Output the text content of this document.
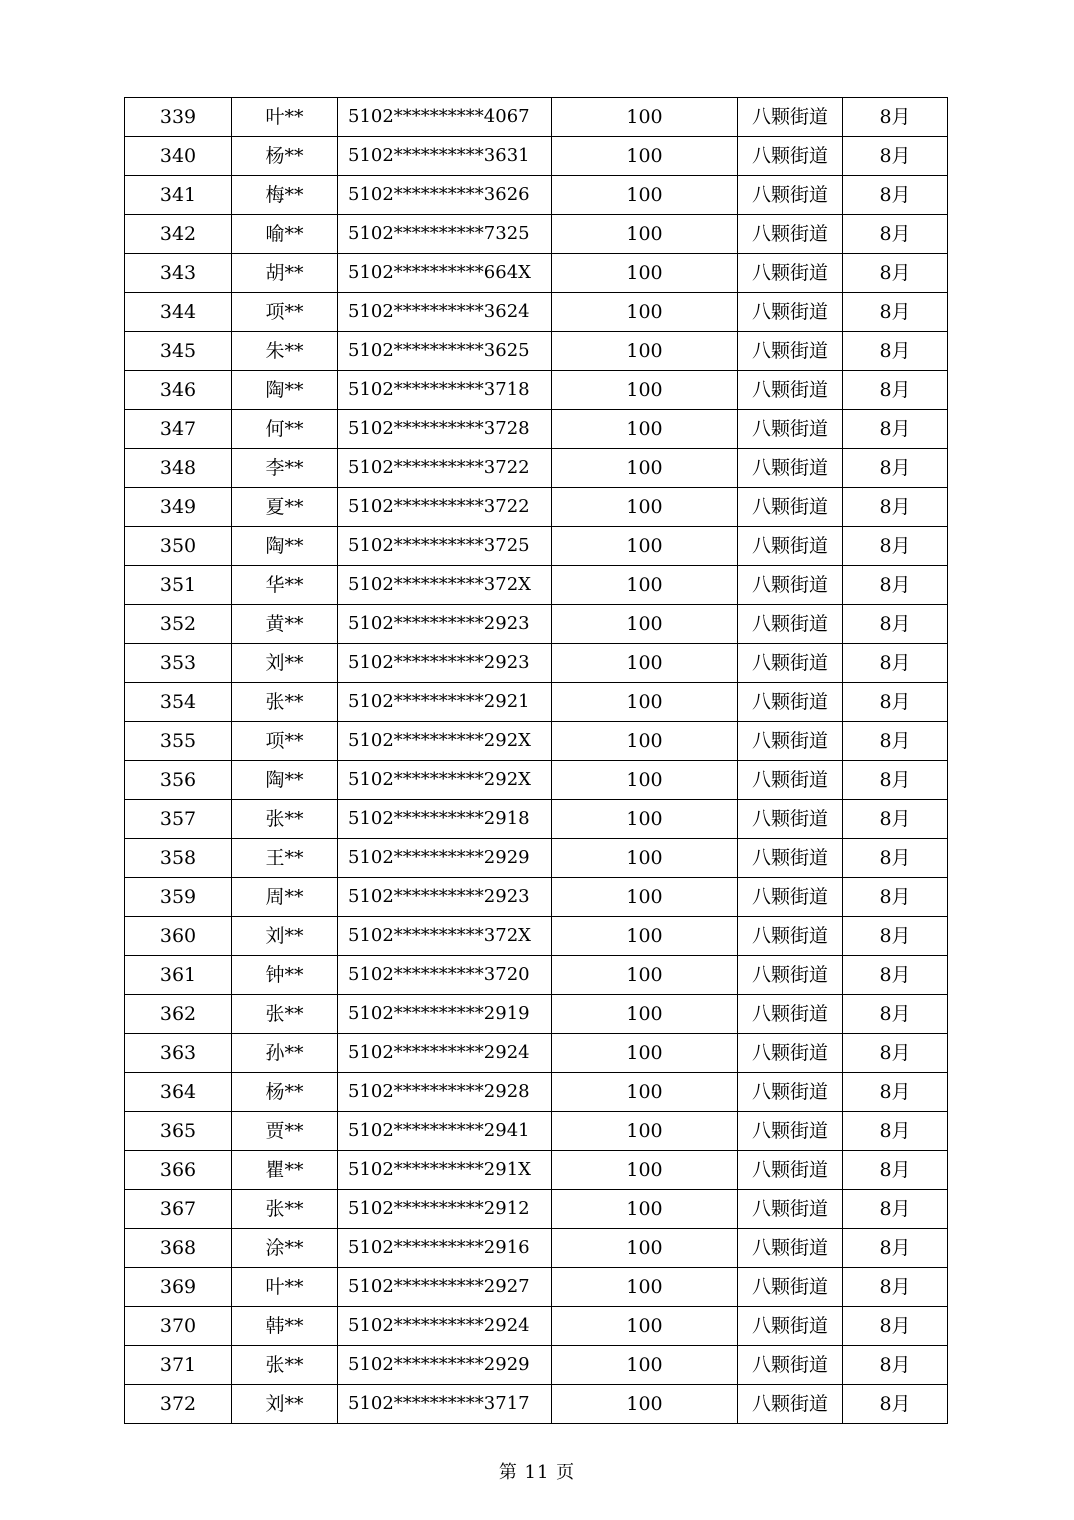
339	叶**	5102**********4067	100	八颗街道	8月
340	杨**	5102**********3631	100	八颗街道	8月
341	梅**	5102**********3626	100	八颗街道	8月
342	喻**	5102**********7325	100	八颗街道	8月
343	胡**	5102**********664X	100	八颗街道	8月
344	项**	5102**********3624	100	八颗街道	8月
345	朱**	5102**********3625	100	八颗街道	8月
346	陶**	5102**********3718	100	八颗街道	8月
347	何**	5102**********3728	100	八颗街道	8月
348	李**	5102**********3722	100	八颗街道	8月
349	夏**	5102**********3722	100	八颗街道	8月
350	陶**	5102**********3725	100	八颗街道	8月
351	华**	5102**********372X	100	八颗街道	8月
352	黄**	5102**********2923	100	八颗街道	8月
353	刘**	5102**********2923	100	八颗街道	8月
354	张**	5102**********2921	100	八颗街道	8月
355	项**	5102**********292X	100	八颗街道	8月
356	陶**	5102**********292X	100	八颗街道	8月
357	张**	5102**********2918	100	八颗街道	8月
358	王**	5102**********2929	100	八颗街道	8月
359	周**	5102**********2923	100	八颗街道	8月
360	刘**	5102**********372X	100	八颗街道	8月
361	钟**	5102**********3720	100	八颗街道	8月
362	张**	5102**********2919	100	八颗街道	8月
363	孙**	5102**********2924	100	八颗街道	8月
364	杨**	5102**********2928	100	八颗街道	8月
365	贾**	5102**********2941	100	八颗街道	8月
366	瞿**	5102**********291X	100	八颗街道	8月
367	张**	5102**********2912	100	八颗街道	8月
368	涂**	5102**********2916	100	八颗街道	8月
369	叶**	5102**********2927	100	八颗街道	8月
370	韩**	5102**********2924	100	八颗街道	8月
371	张**	5102**********2929	100	八颗街道	8月
372	刘**	5102**********3717	100	八颗街道	8月
第 11 页
